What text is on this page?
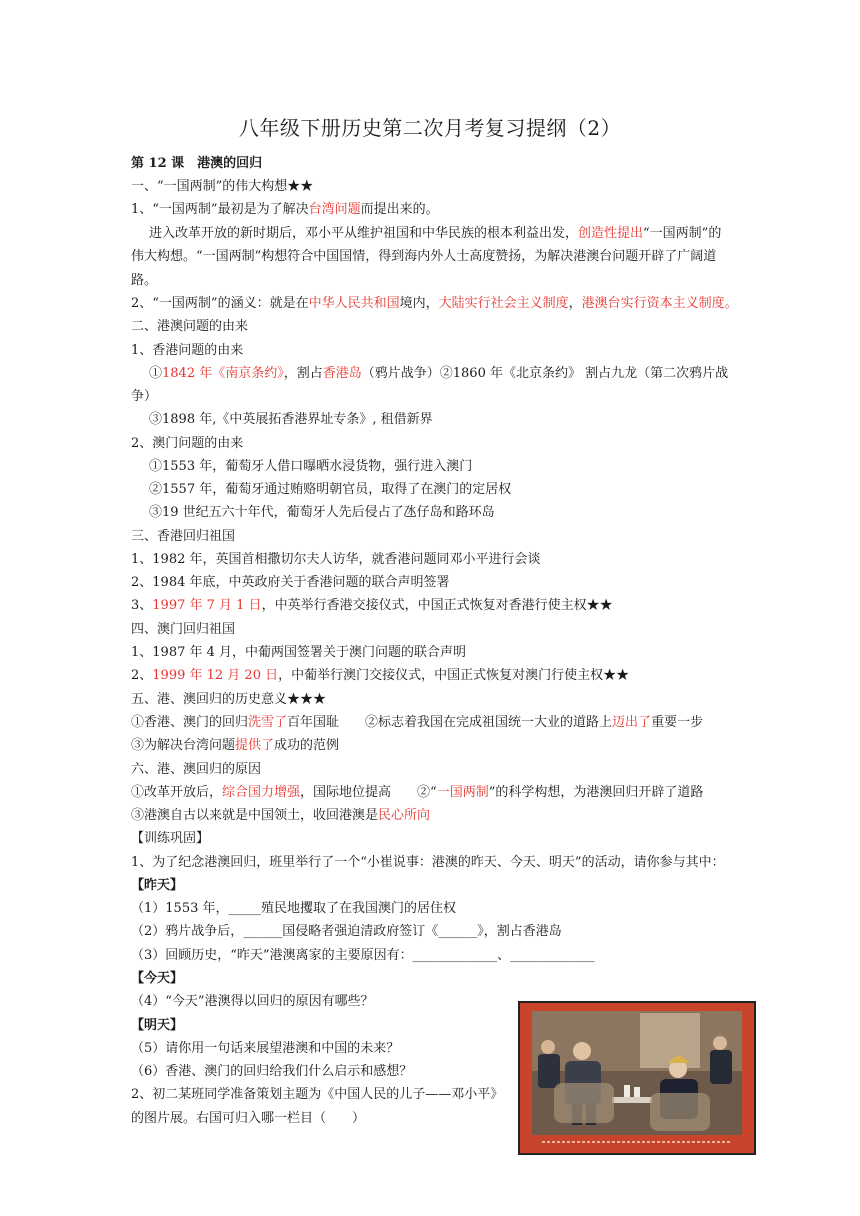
八年级下册历史第二次月考复习提纲（2）
第 12 课　港澳的回归
一、“一国两制”的伟大构想★★
1、“一国两制”最初是为了解决台湾问题而提出来的。
进入改革开放的新时期后，邓小平从维护祖国和中华民族的根本利益出发，创造性提出“一国两制”的
伟大构想。“一国两制”构想符合中国国情，得到海内外人士高度赞扬，为解决港澳台问题开辟了广阔道
路。
2、“一国两制”的涵义：就是在中华人民共和国境内，大陆实行社会主义制度，港澳台实行资本主义制度。
二、港澳问题的由来
1、香港问题的由来
①1842 年《南京条约》，割占香港岛（鸦片战争）②1860 年《北京条约》 割占九龙（第二次鸦片战
争）
③1898 年,《中英展拓香港界址专条》, 租借新界
2、澳门问题的由来
①1553 年，葡萄牙人借口曝晒水浸货物，强行进入澳门
②1557 年，葡萄牙通过贿赂明朝官员，取得了在澳门的定居权
③19 世纪五六十年代，葡萄牙人先后侵占了氹仔岛和路环岛
三、香港回归祖国
1、1982 年，英国首相撒切尔夫人访华，就香港问题同邓小平进行会谈
2、1984 年底，中英政府关于香港问题的联合声明签署
3、1997 年 7 月 1 日，中英举行香港交接仪式，中国正式恢复对香港行使主权★★
四、澳门回归祖国
1、1987 年 4 月，中葡两国签署关于澳门问题的联合声明
2、1999 年 12 月 20 日，中葡举行澳门交接仪式，中国正式恢复对澳门行使主权★★
五、港、澳回归的历史意义★★★
①香港、澳门的回归洗雪了百年国耻　　②标志着我国在完成祖国统一大业的道路上迈出了重要一步
③为解决台湾问题提供了成功的范例
六、港、澳回归的原因
①改革开放后，综合国力增强，国际地位提高　　②“一国两制”的科学构想，为港澳回归开辟了道路
③港澳自古以来就是中国领土，收回港澳是民心所向
【训练巩固】
1、为了纪念港澳回归，班里举行了一个“小崔说事：港澳的昨天、今天、明天”的活动，请你参与其中：
【昨天】
（1）1553 年，_____殖民地攫取了在我国澳门的居住权
（2）鸦片战争后，______国侵略者强迫清政府签订《______》，割占香港岛
（3）回顾历史，“昨天”港澳离家的主要原因有：_____________、_____________
【今天】
（4）“今天”港澳得以回归的原因有哪些？
【明天】
（5）请你用一句话来展望港澳和中国的未来？
（6）香港、澳门的回归给我们什么启示和感想？
2、初二某班同学准备策划主题为《中国人民的儿子——邓小平》
的图片展。右国可归入哪一栏目（　　）
